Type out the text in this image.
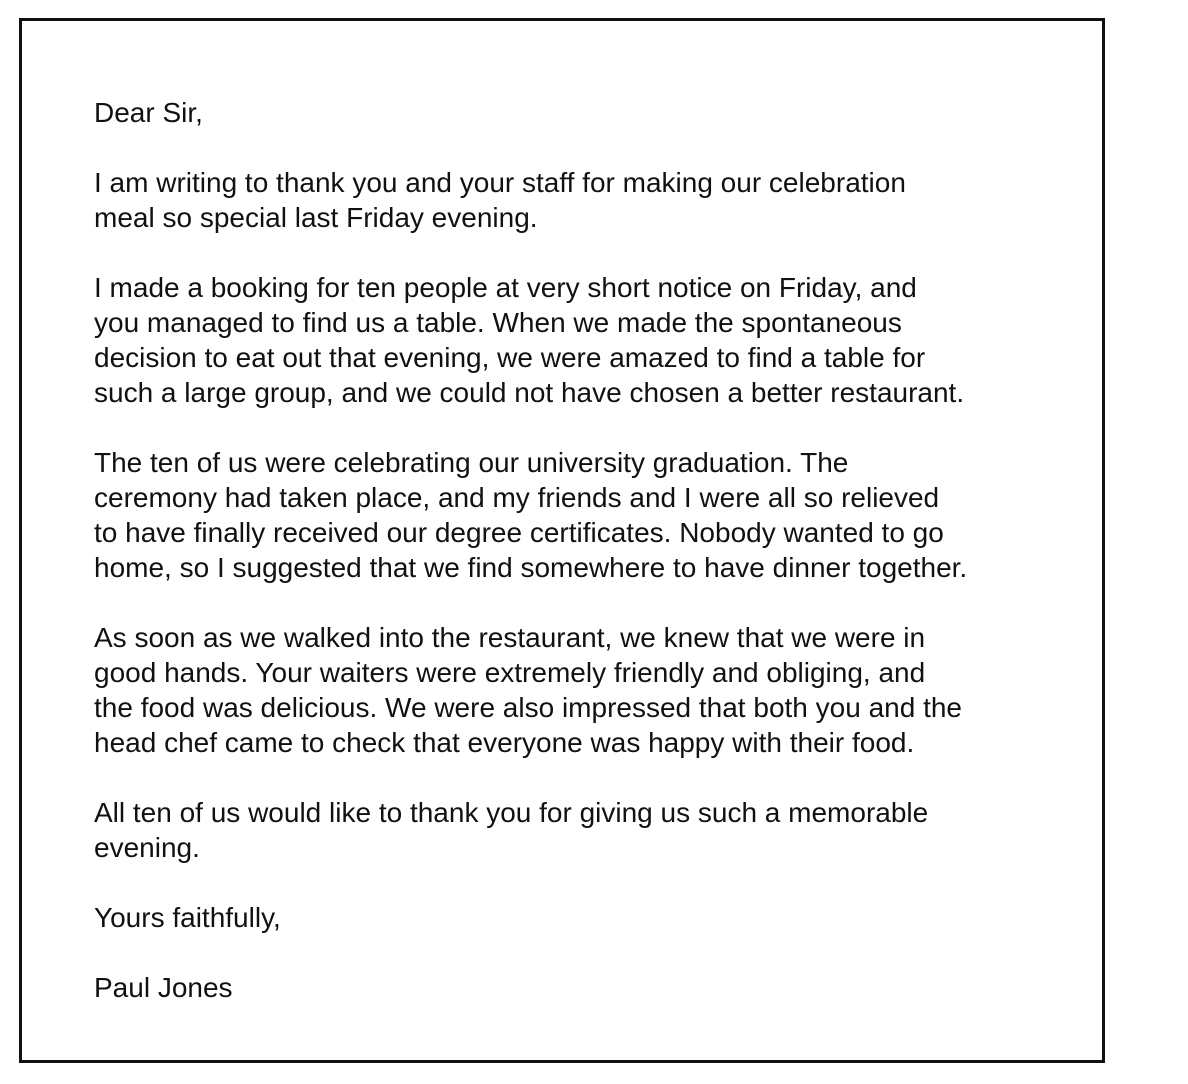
Dear Sir,
I am writing to thank you and your staff for making our celebration
meal so special last Friday evening.
I made a booking for ten people at very short notice on Friday, and
you managed to find us a table. When we made the spontaneous
decision to eat out that evening, we were amazed to find a table for
such a large group, and we could not have chosen a better restaurant.
The ten of us were celebrating our university graduation. The
ceremony had taken place, and my friends and I were all so relieved
to have finally received our degree certificates. Nobody wanted to go
home, so I suggested that we find somewhere to have dinner together.
As soon as we walked into the restaurant, we knew that we were in
good hands. Your waiters were extremely friendly and obliging, and
the food was delicious. We were also impressed that both you and the
head chef came to check that everyone was happy with their food.
All ten of us would like to thank you for giving us such a memorable
evening.
Yours faithfully,
Paul Jones
